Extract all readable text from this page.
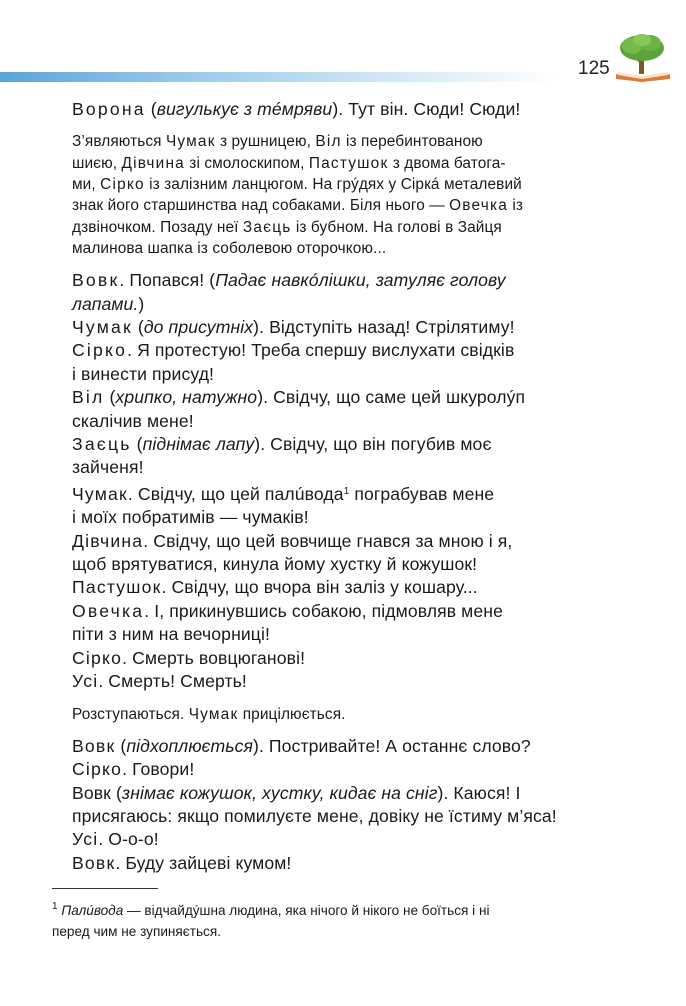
125
Ворона (вигулькує з тéмряви). Тут він. Сюди! Сюди!
З’являються Чумак з рушницею, Віл із перебинтованою
шиєю, Дівчина зі смолоскипом, Пастушок з двома батога-
ми, Сірко із залізним ланцюгом. На грýдях у Сіркá металевий
знак його старшинства над собаками. Біля нього — Овечка із
дзвіночком. Позаду неї Заєць із бубном. На голові в Зайця
малинова шапка із соболевою оторочкою...
Вовк. Попався! (Падає навкóлішки, затуляє голову
лапами.)
Чумак (до присутніх). Відступіть назад! Стрілятиму!
Сірко. Я протестую! Треба спершу вислухати свідків
і винести присуд!
Віл (хрипко, натужно). Свідчу, що саме цей шкуролýп
скалічив мене!
Заєць (піднімає лапу). Свідчу, що він погубив моє
зайченя!
Чумак. Свідчу, що цей палúвода$^1$ пограбував мене
і моїх побратимів — чумаків!
Дівчина. Свідчу, що цей вовчище гнався за мною і я,
щоб врятуватися, кинула йому хустку й кожушок!
Пастушок. Свідчу, що вчора він заліз у кошару...
Овечка. І, прикинувшись собакою, підмовляв мене
піти з ним на вечорниці!
Сірко. Смерть вовцюганові!
Усі. Смерть! Смерть!
Розступаються. Чумак прицілюється.
Вовк (підхоплюється). Постривайте! А останнє слово?
Сірко. Говори!
Вовк (знімає кожушок, хустку, кидає на сніг). Каюся! І
присягаюсь: якщо помилуєте мене, довіку не їстиму м’яса!
Усі. О-о-о!
Вовк. Буду зайцеві кумом!
$^1$ Палúвода — відчайдýшна людина, яка нічого й нікого не боїться і ні
перед чим не зупиняється.
